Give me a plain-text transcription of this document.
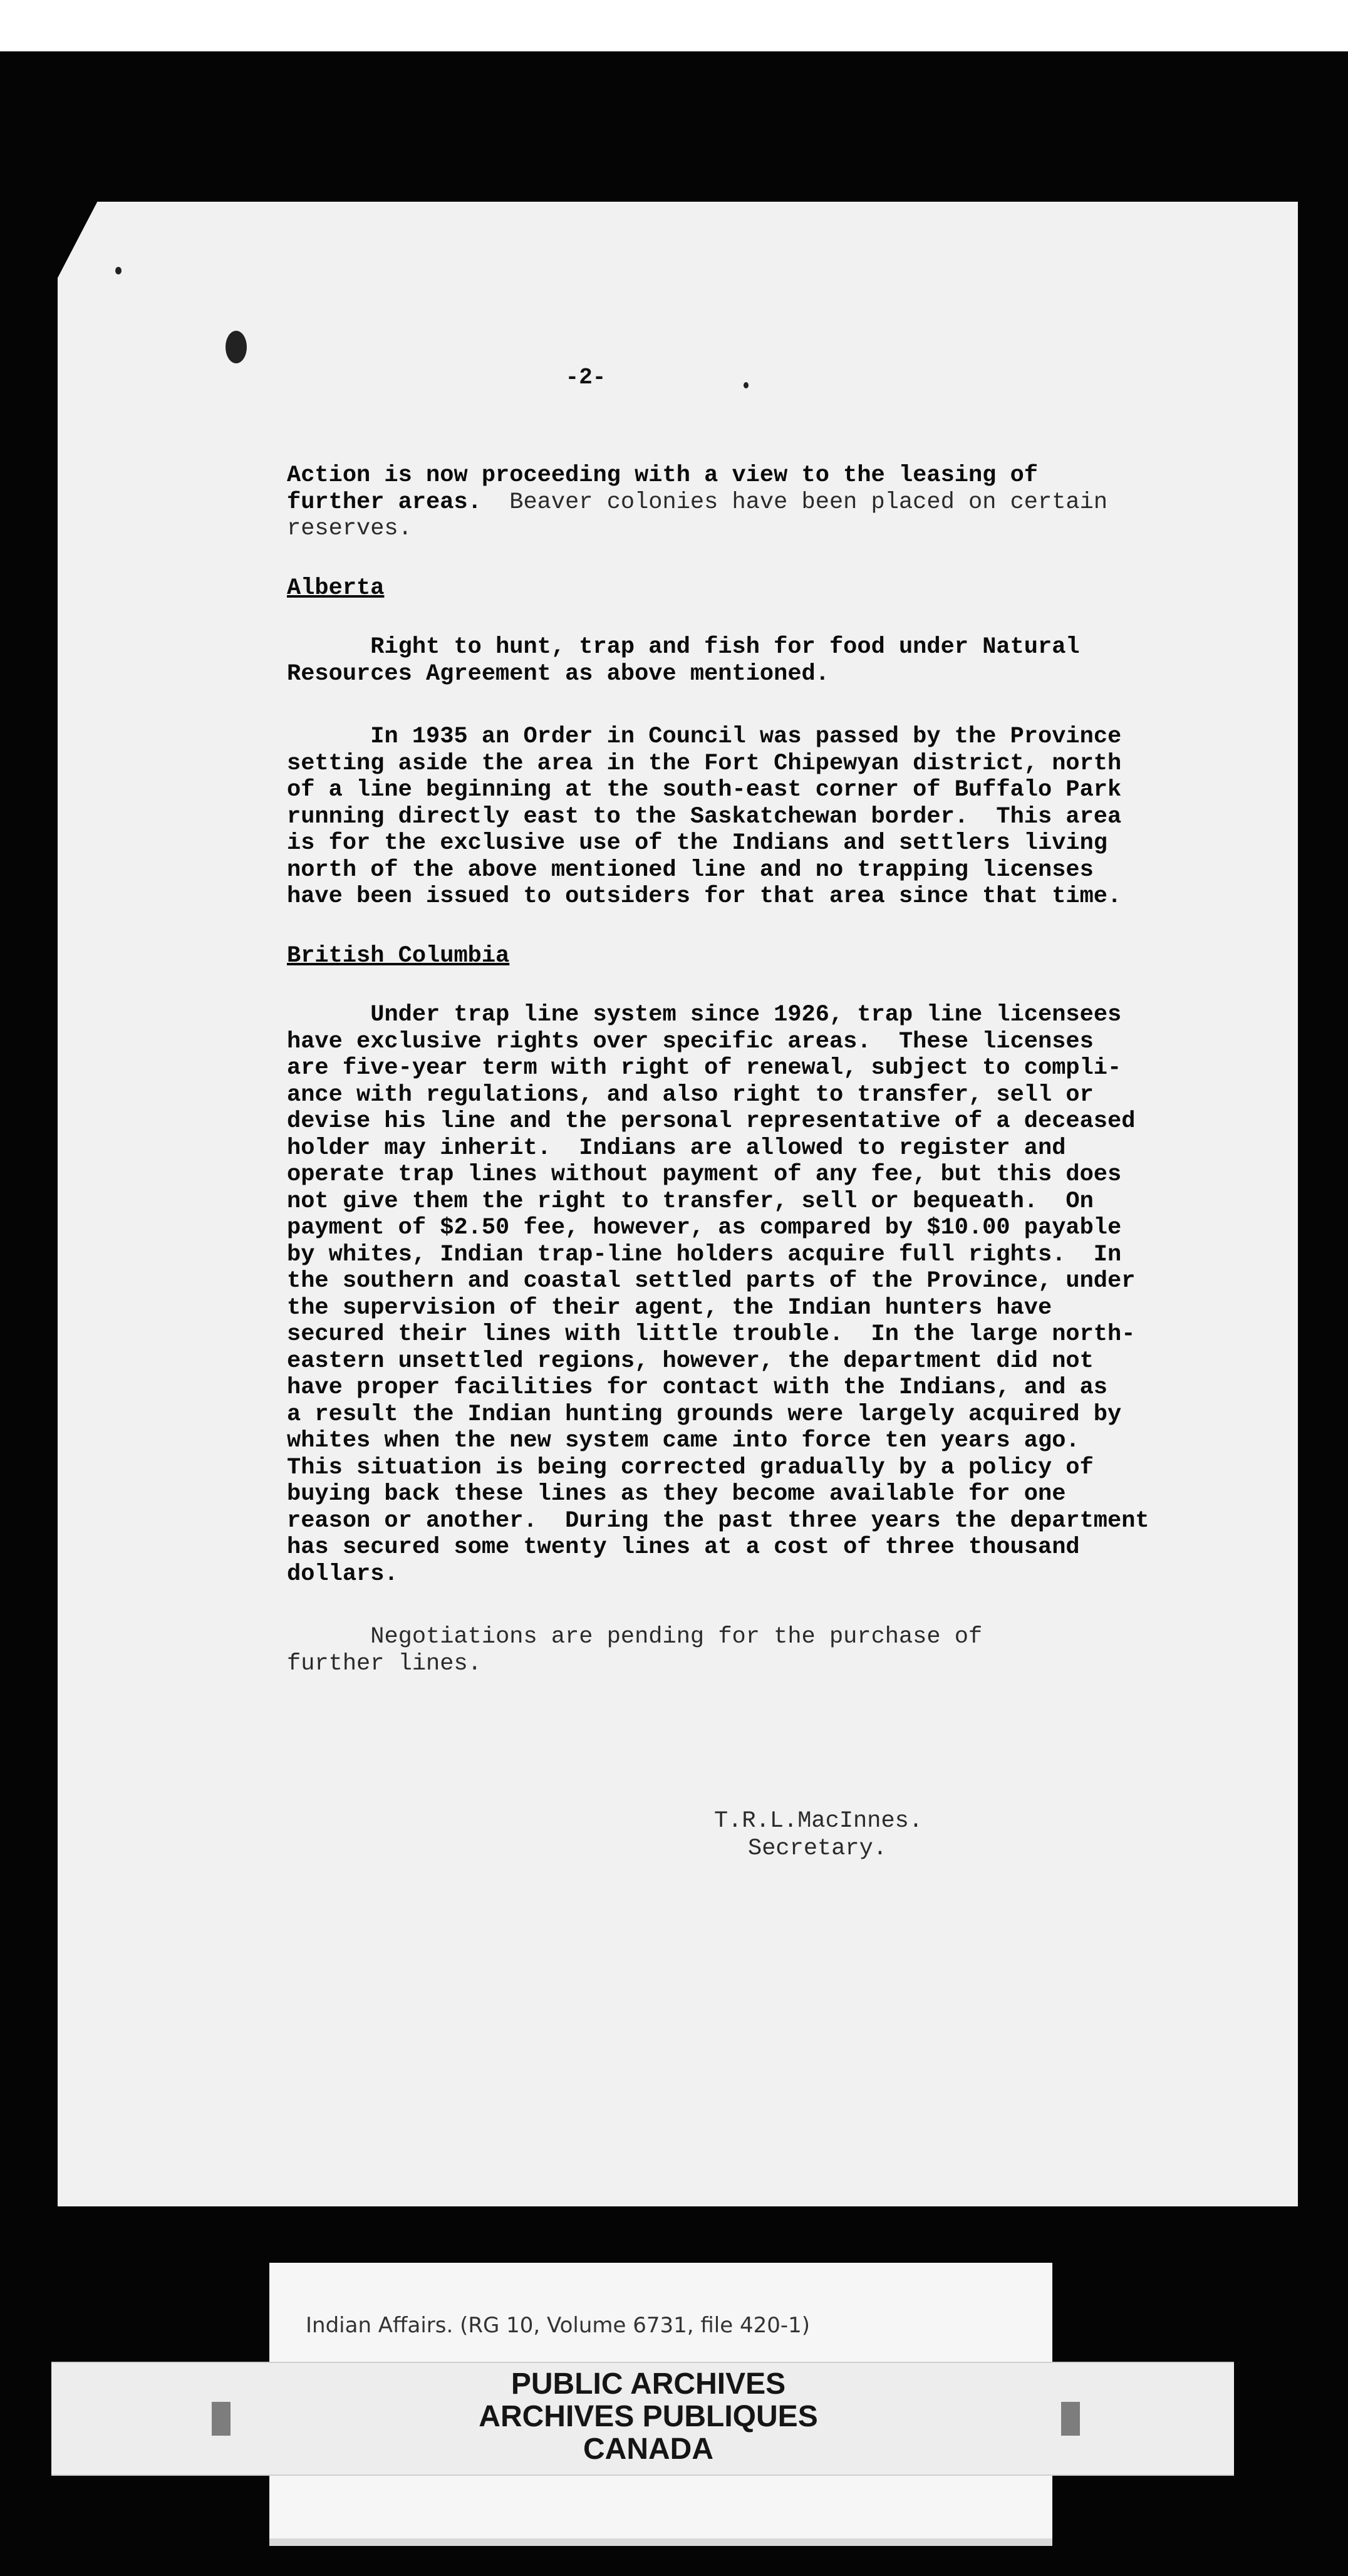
-2-

Action is now proceeding with a view to the leasing of
further areas.  Beaver colonies have been placed on certain
reserves.

Alberta

Right to hunt, trap and fish for food under Natural
Resources Agreement as above mentioned.

In 1935 an Order in Council was passed by the Province
setting aside the area in the Fort Chipewyan district, north
of a line beginning at the south-east corner of Buffalo Park
running directly east to the Saskatchewan border.  This area
is for the exclusive use of the Indians and settlers living
north of the above mentioned line and no trapping licenses
have been issued to outsiders for that area since that time.

British Columbia

Under trap line system since 1926, trap line licensees
have exclusive rights over specific areas.  These licenses
are five-year term with right of renewal, subject to compli-
ance with regulations, and also right to transfer, sell or
devise his line and the personal representative of a deceased
holder may inherit.  Indians are allowed to register and
operate trap lines without payment of any fee, but this does
not give them the right to transfer, sell or bequeath.  On
payment of $2.50 fee, however, as compared by $10.00 payable
by whites, Indian trap-line holders acquire full rights.  In
the southern and coastal settled parts of the Province, under
the supervision of their agent, the Indian hunters have
secured their lines with little trouble.  In the large north-
eastern unsettled regions, however, the department did not
have proper facilities for contact with the Indians, and as
a result the Indian hunting grounds were largely acquired by
whites when the new system came into force ten years ago.
This situation is being corrected gradually by a policy of
buying back these lines as they become available for one
reason or another.  During the past three years the department
has secured some twenty lines at a cost of three thousand
dollars.

Negotiations are pending for the purchase of
further lines.

T.R.L.MacInnes.
Secretary.
Indian Affairs. (RG 10, Volume 6731, file 420-1)
PUBLIC ARCHIVES
ARCHIVES PUBLIQUES
CANADA
